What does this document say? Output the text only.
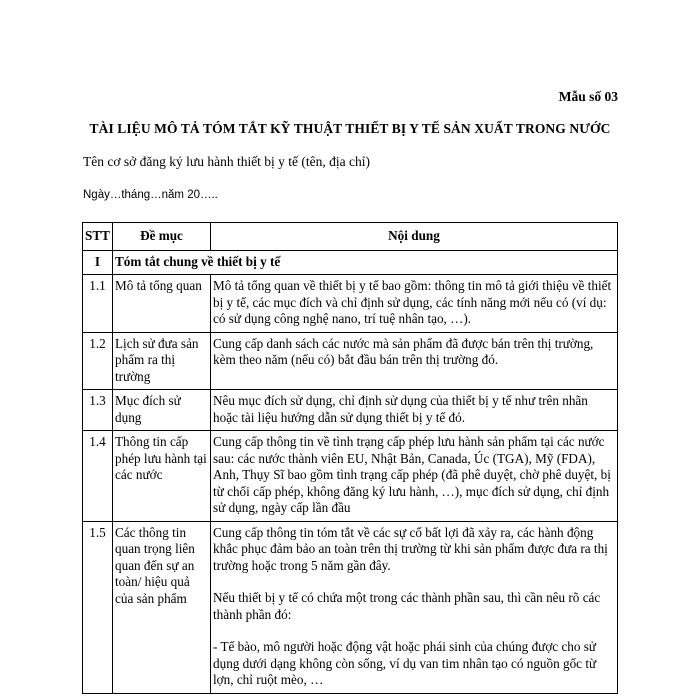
Mẫu số 03
TÀI LIỆU MÔ TẢ TÓM TẮT KỸ THUẬT THIẾT BỊ Y TẾ SẢN XUẤT TRONG NƯỚC
Tên cơ sở đăng ký lưu hành thiết bị y tế (tên, địa chỉ)
Ngày…tháng…năm 20…..
STT	Đề mục	Nội dung
I	Tóm tắt chung về thiết bị y tế	
1.1	Mô tả tổng quan	Mô tả tổng quan về thiết bị y tế bao gồm: thông tin mô tả giới thiệu về thiết bị y tế, các mục đích và chỉ định sử dụng, các tính năng mới nếu có (ví dụ: có sử dụng công nghệ nano, trí tuệ nhân tạo, …).

1.2	Lịch sử đưa sản phẩm ra thị trường	Cung cấp danh sách các nước mà sản phẩm đã được bán trên thị trường, kèm theo năm (nếu có) bắt đầu bán trên thị trường đó.

1.3	Mục đích sử dụng	Nêu mục đích sử dụng, chỉ định sử dụng của thiết bị y tế như trên nhãn hoặc tài liệu hướng dẫn sử dụng thiết bị y tế đó.

1.4	Thông tin cấp phép lưu hành tại các nước	Cung cấp thông tin về tình trạng cấp phép lưu hành sản phẩm tại các nước sau: các nước thành viên EU, Nhật Bản, Canada, Úc (TGA), Mỹ (FDA), Anh, Thụy Sĩ bao gồm tình trạng cấp phép (đã phê duyệt, chờ phê duyệt, bị từ chối cấp phép, không đăng ký lưu hành, …), mục đích sử dụng, chỉ định sử dụng, ngày cấp lần đầu

1.5	Các thông tin quan trọng liên quan đến sự an toàn/ hiệu quả của sản phẩm	Cung cấp thông tin tóm tắt về các sự cố bất lợi đã xảy ra, các hành động khắc phục đảm bảo an toàn trên thị trường từ khi sản phẩm được đưa ra thị trường hoặc trong 5 năm gần đây.

Nếu thiết bị y tế có chứa một trong các thành phần sau, thì cần nêu rõ các thành phần đó:

- Tế bào, mô người hoặc động vật hoặc phái sinh của chúng được cho sử dụng dưới dạng không còn sống, ví dụ van tim nhân tạo có nguồn gốc từ lợn, chỉ ruột mèo, …
